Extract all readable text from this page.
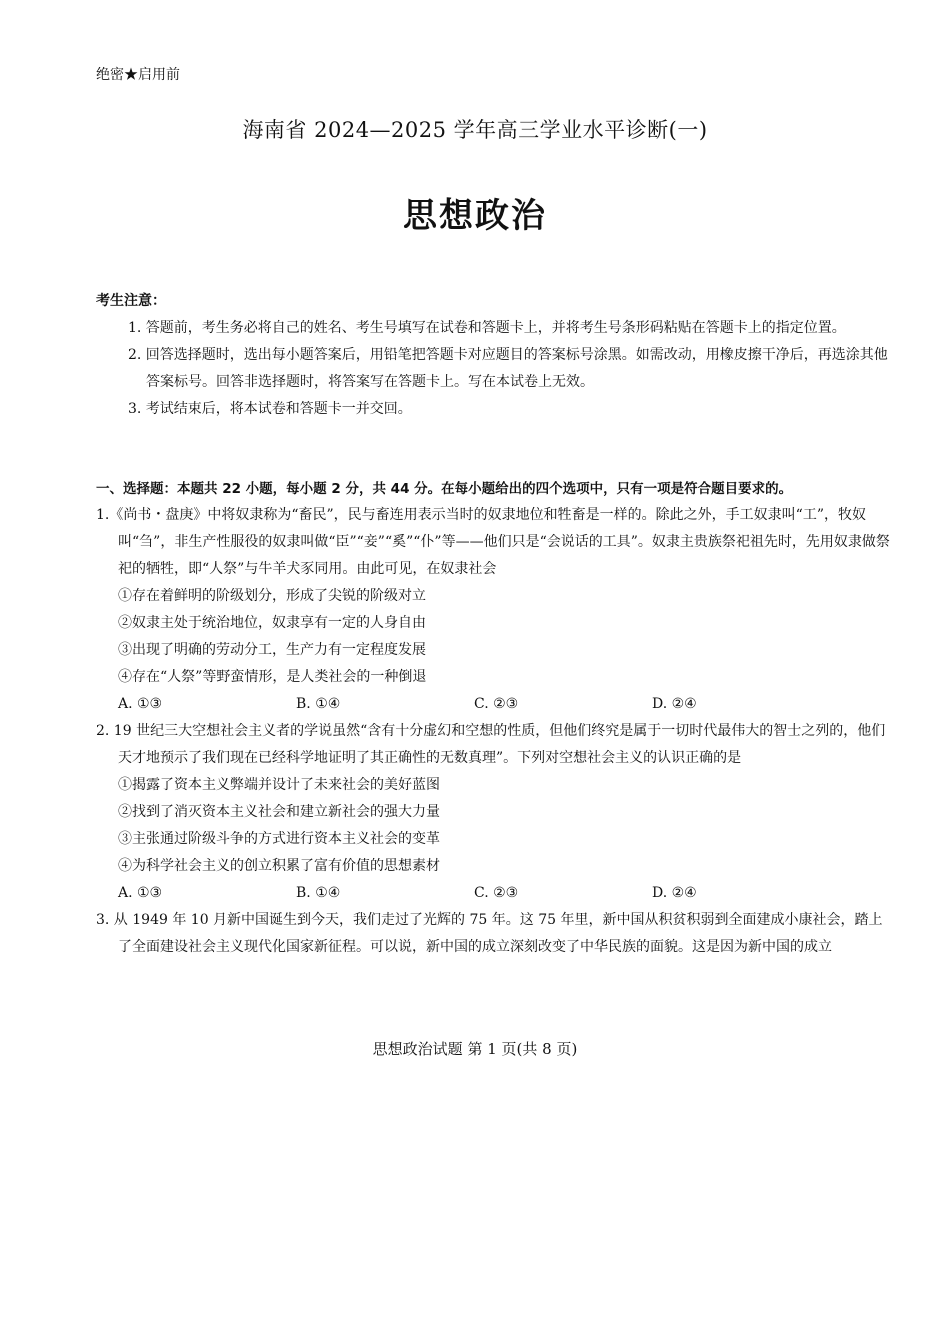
绝密★启用前
海南省 2024—2025 学年高三学业水平诊断(一)
思想政治
考生注意：
1. 答题前，考生务必将自己的姓名、考生号填写在试卷和答题卡上，并将考生号条形码粘贴在答题卡上的指定位置。
2. 回答选择题时，选出每小题答案后，用铅笔把答题卡对应题目的答案标号涂黑。如需改动，用橡皮擦干净后，再选涂其他答案标号。回答非选择题时，将答案写在答题卡上。写在本试卷上无效。
3. 考试结束后，将本试卷和答题卡一并交回。
一、选择题：本题共 22 小题，每小题 2 分，共 44 分。在每小题给出的四个选项中，只有一项是符合题目要求的。
1.《尚书・盘庚》中将奴隶称为“畜民”，民与畜连用表示当时的奴隶地位和牲畜是一样的。除此之外，手工奴隶叫“工”，牧奴叫“刍”，非生产性服役的奴隶叫做“臣”“妾”“奚”“仆”等——他们只是“会说话的工具”。奴隶主贵族祭祀祖先时，先用奴隶做祭祀的牺牲，即“人祭”与牛羊犬豕同用。由此可见，在奴隶社会
①存在着鲜明的阶级划分，形成了尖锐的阶级对立
②奴隶主处于统治地位，奴隶享有一定的人身自由
③出现了明确的劳动分工，生产力有一定程度发展
④存在“人祭”等野蛮情形，是人类社会的一种倒退
A. ①③	B. ①④	C. ②③	D. ②④
2. 19 世纪三大空想社会主义者的学说虽然“含有十分虚幻和空想的性质，但他们终究是属于一切时代最伟大的智士之列的，他们天才地预示了我们现在已经科学地证明了其正确性的无数真理”。下列对空想社会主义的认识正确的是
①揭露了资本主义弊端并设计了未来社会的美好蓝图
②找到了消灭资本主义社会和建立新社会的强大力量
③主张通过阶级斗争的方式进行资本主义社会的变革
④为科学社会主义的创立积累了富有价值的思想素材
A. ①③	B. ①④	C. ②③	D. ②④
3. 从 1949 年 10 月新中国诞生到今天，我们走过了光辉的 75 年。这 75 年里，新中国从积贫积弱到全面建成小康社会，踏上了全面建设社会主义现代化国家新征程。可以说，新中国的成立深刻改变了中华民族的面貌。这是因为新中国的成立
思想政治试题 第 1 页(共 8 页)
